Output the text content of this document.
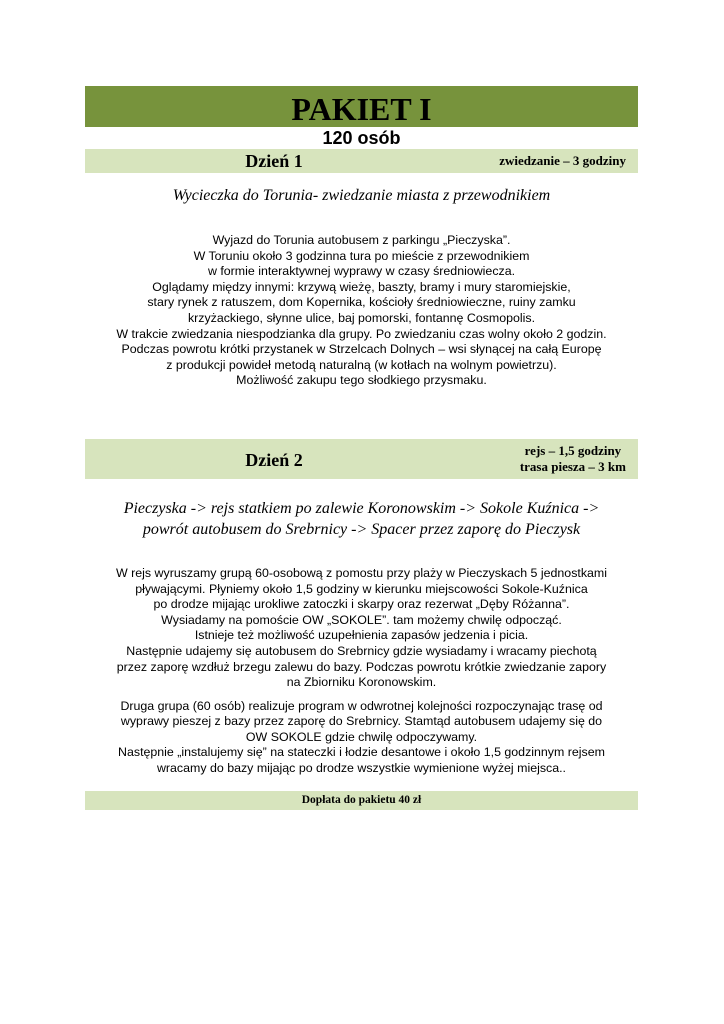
PAKIET I
120 osób
Dzień 1	zwiedzanie – 3 godziny
Wycieczka do Torunia- zwiedzanie miasta z przewodnikiem
Wyjazd do Torunia autobusem z parkingu „Pieczyska”.
W Toruniu około 3 godzinna tura po mieście z przewodnikiem
w formie interaktywnej wyprawy w czasy średniowiecza.
Oglądamy między innymi: krzywą wieżę, baszty, bramy i mury staromiejskie,
stary rynek z ratuszem, dom Kopernika, kościoły średniowieczne, ruiny zamku
krzyżackiego, słynne ulice, baj pomorski, fontannę Cosmopolis.
W trakcie zwiedzania niespodzianka dla grupy. Po zwiedzaniu czas wolny około 2 godzin.
Podczas powrotu krótki przystanek w Strzelcach Dolnych – wsi słynącej na całą Europę
z produkcji powideł metodą naturalną (w kotłach na wolnym powietrzu).
Możliwość zakupu tego słodkiego przysmaku.
Dzień 2	rejs – 1,5 godziny
trasa piesza – 3 km
Pieczyska -> rejs statkiem po zalewie Koronowskim -> Sokole Kuźnica ->
powrót autobusem do Srebrnicy -> Spacer przez zaporę do Pieczysk
W rejs wyruszamy grupą 60-osobową z pomostu przy plaży w Pieczyskach 5 jednostkami
pływającymi. Płyniemy około 1,5 godziny w kierunku miejscowości Sokole-Kuźnica
po drodze mijając urokliwe zatoczki i skarpy oraz rezerwat „Dęby Różanna”.
Wysiadamy na pomoście OW „SOKOLE”. tam możemy chwilę odpocząć.
Istnieje też możliwość uzupełnienia zapasów jedzenia i picia.
Następnie udajemy się autobusem do Srebrnicy gdzie wysiadamy i wracamy piechotą
przez zaporę wzdłuż brzegu zalewu do bazy. Podczas powrotu krótkie zwiedzanie zapory
na Zbiorniku Koronowskim.
Druga grupa (60 osób) realizuje program w odwrotnej kolejności rozpoczynając trasę od
wyprawy pieszej z bazy przez zaporę do Srebrnicy. Stamtąd autobusem udajemy się do
OW SOKOLE gdzie chwilę odpoczywamy.
Następnie „instalujemy się” na stateczki i łodzie desantowe i około 1,5 godzinnym rejsem
wracamy do bazy mijając po drodze wszystkie wymienione wyżej miejsca..
Dopłata do pakietu 40 zł
